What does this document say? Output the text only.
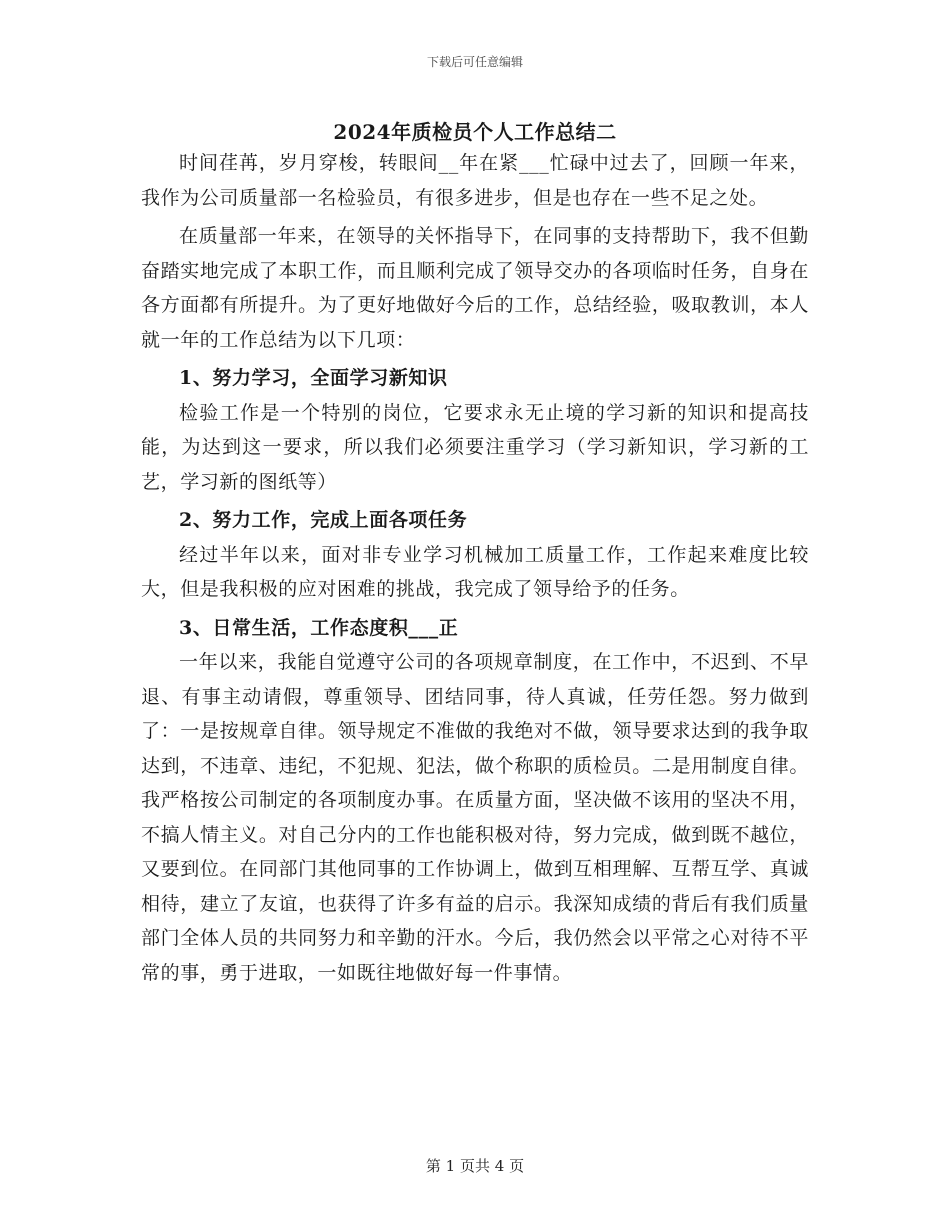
下载后可任意编辑
2024年质检员个人工作总结二

时间荏苒，岁月穿梭，转眼间__年在紧___忙碌中过去了，回顾一年来，我作为公司质量部一名检验员，有很多进步，但是也存在一些不足之处。

在质量部一年来，在领导的关怀指导下，在同事的支持帮助下，我不但勤奋踏实地完成了本职工作，而且顺利完成了领导交办的各项临时任务，自身在各方面都有所提升。为了更好地做好今后的工作，总结经验，吸取教训，本人就一年的工作总结为以下几项：

1、努力学习，全面学习新知识

检验工作是一个特别的岗位，它要求永无止境的学习新的知识和提高技能，为达到这一要求，所以我们必须要注重学习（学习新知识，学习新的工艺，学习新的图纸等）

2、努力工作，完成上面各项任务

经过半年以来，面对非专业学习机械加工质量工作，工作起来难度比较大，但是我积极的应对困难的挑战，我完成了领导给予的任务。

3、日常生活，工作态度积___正

一年以来，我能自觉遵守公司的各项规章制度，在工作中，不迟到、不早退、有事主动请假，尊重领导、团结同事，待人真诚，任劳任怨。努力做到了：一是按规章自律。领导规定不准做的我绝对不做，领导要求达到的我争取达到，不违章、违纪，不犯规、犯法，做个称职的质检员。二是用制度自律。我严格按公司制定的各项制度办事。在质量方面，坚决做不该用的坚决不用，不搞人情主义。对自己分内的工作也能积极对待，努力完成，做到既不越位，又要到位。在同部门其他同事的工作协调上，做到互相理解、互帮互学、真诚相待，建立了友谊，也获得了许多有益的启示。我深知成绩的背后有我们质量部门全体人员的共同努力和辛勤的汗水。今后，我仍然会以平常之心对待不平常的事，勇于进取，一如既往地做好每一件事情。

第 1 页共 4 页
